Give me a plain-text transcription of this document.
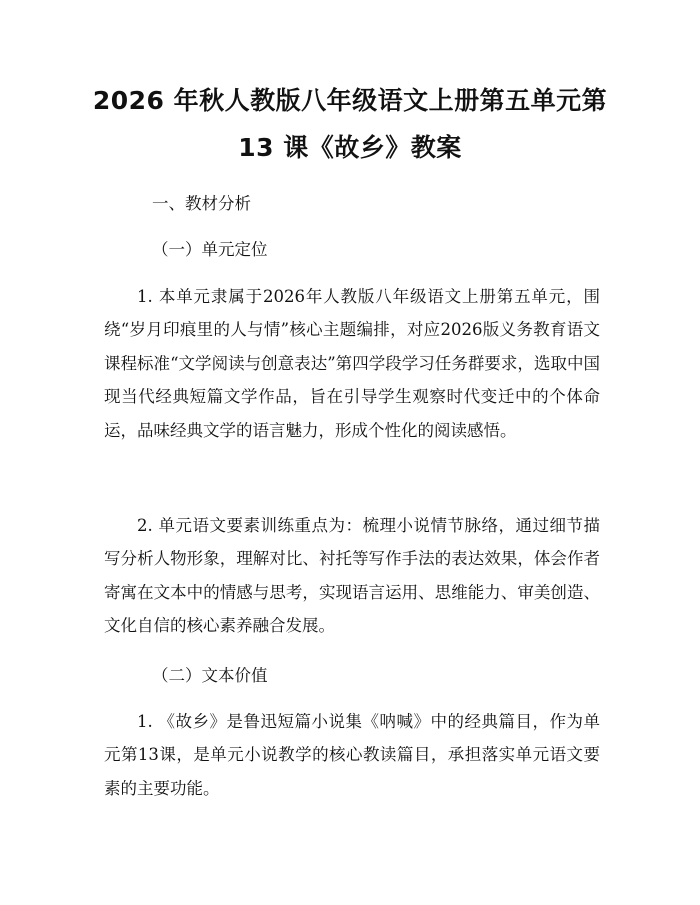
2026 年秋人教版八年级语文上册第五单元第
13 课《故乡》教案
一、教材分析
（一）单元定位

1. 本单元隶属于2026年人教版八年级语文上册第五单元，围绕“岁月印痕里的人与情”核心主题编排，对应2026版义务教育语文课程标准“文学阅读与创意表达”第四学段学习任务群要求，选取中国现当代经典短篇文学作品，旨在引导学生观察时代变迁中的个体命运，品味经典文学的语言魅力，形成个性化的阅读感悟。

2. 单元语文要素训练重点为：梳理小说情节脉络，通过细节描写分析人物形象，理解对比、衬托等写作手法的表达效果，体会作者寄寓在文本中的情感与思考，实现语言运用、思维能力、审美创造、文化自信的核心素养融合发展。

（二）文本价值

1. 《故乡》是鲁迅短篇小说集《呐喊》中的经典篇目，作为单元第13课，是单元小说教学的核心教读篇目，承担落实单元语文要素的主要功能。
